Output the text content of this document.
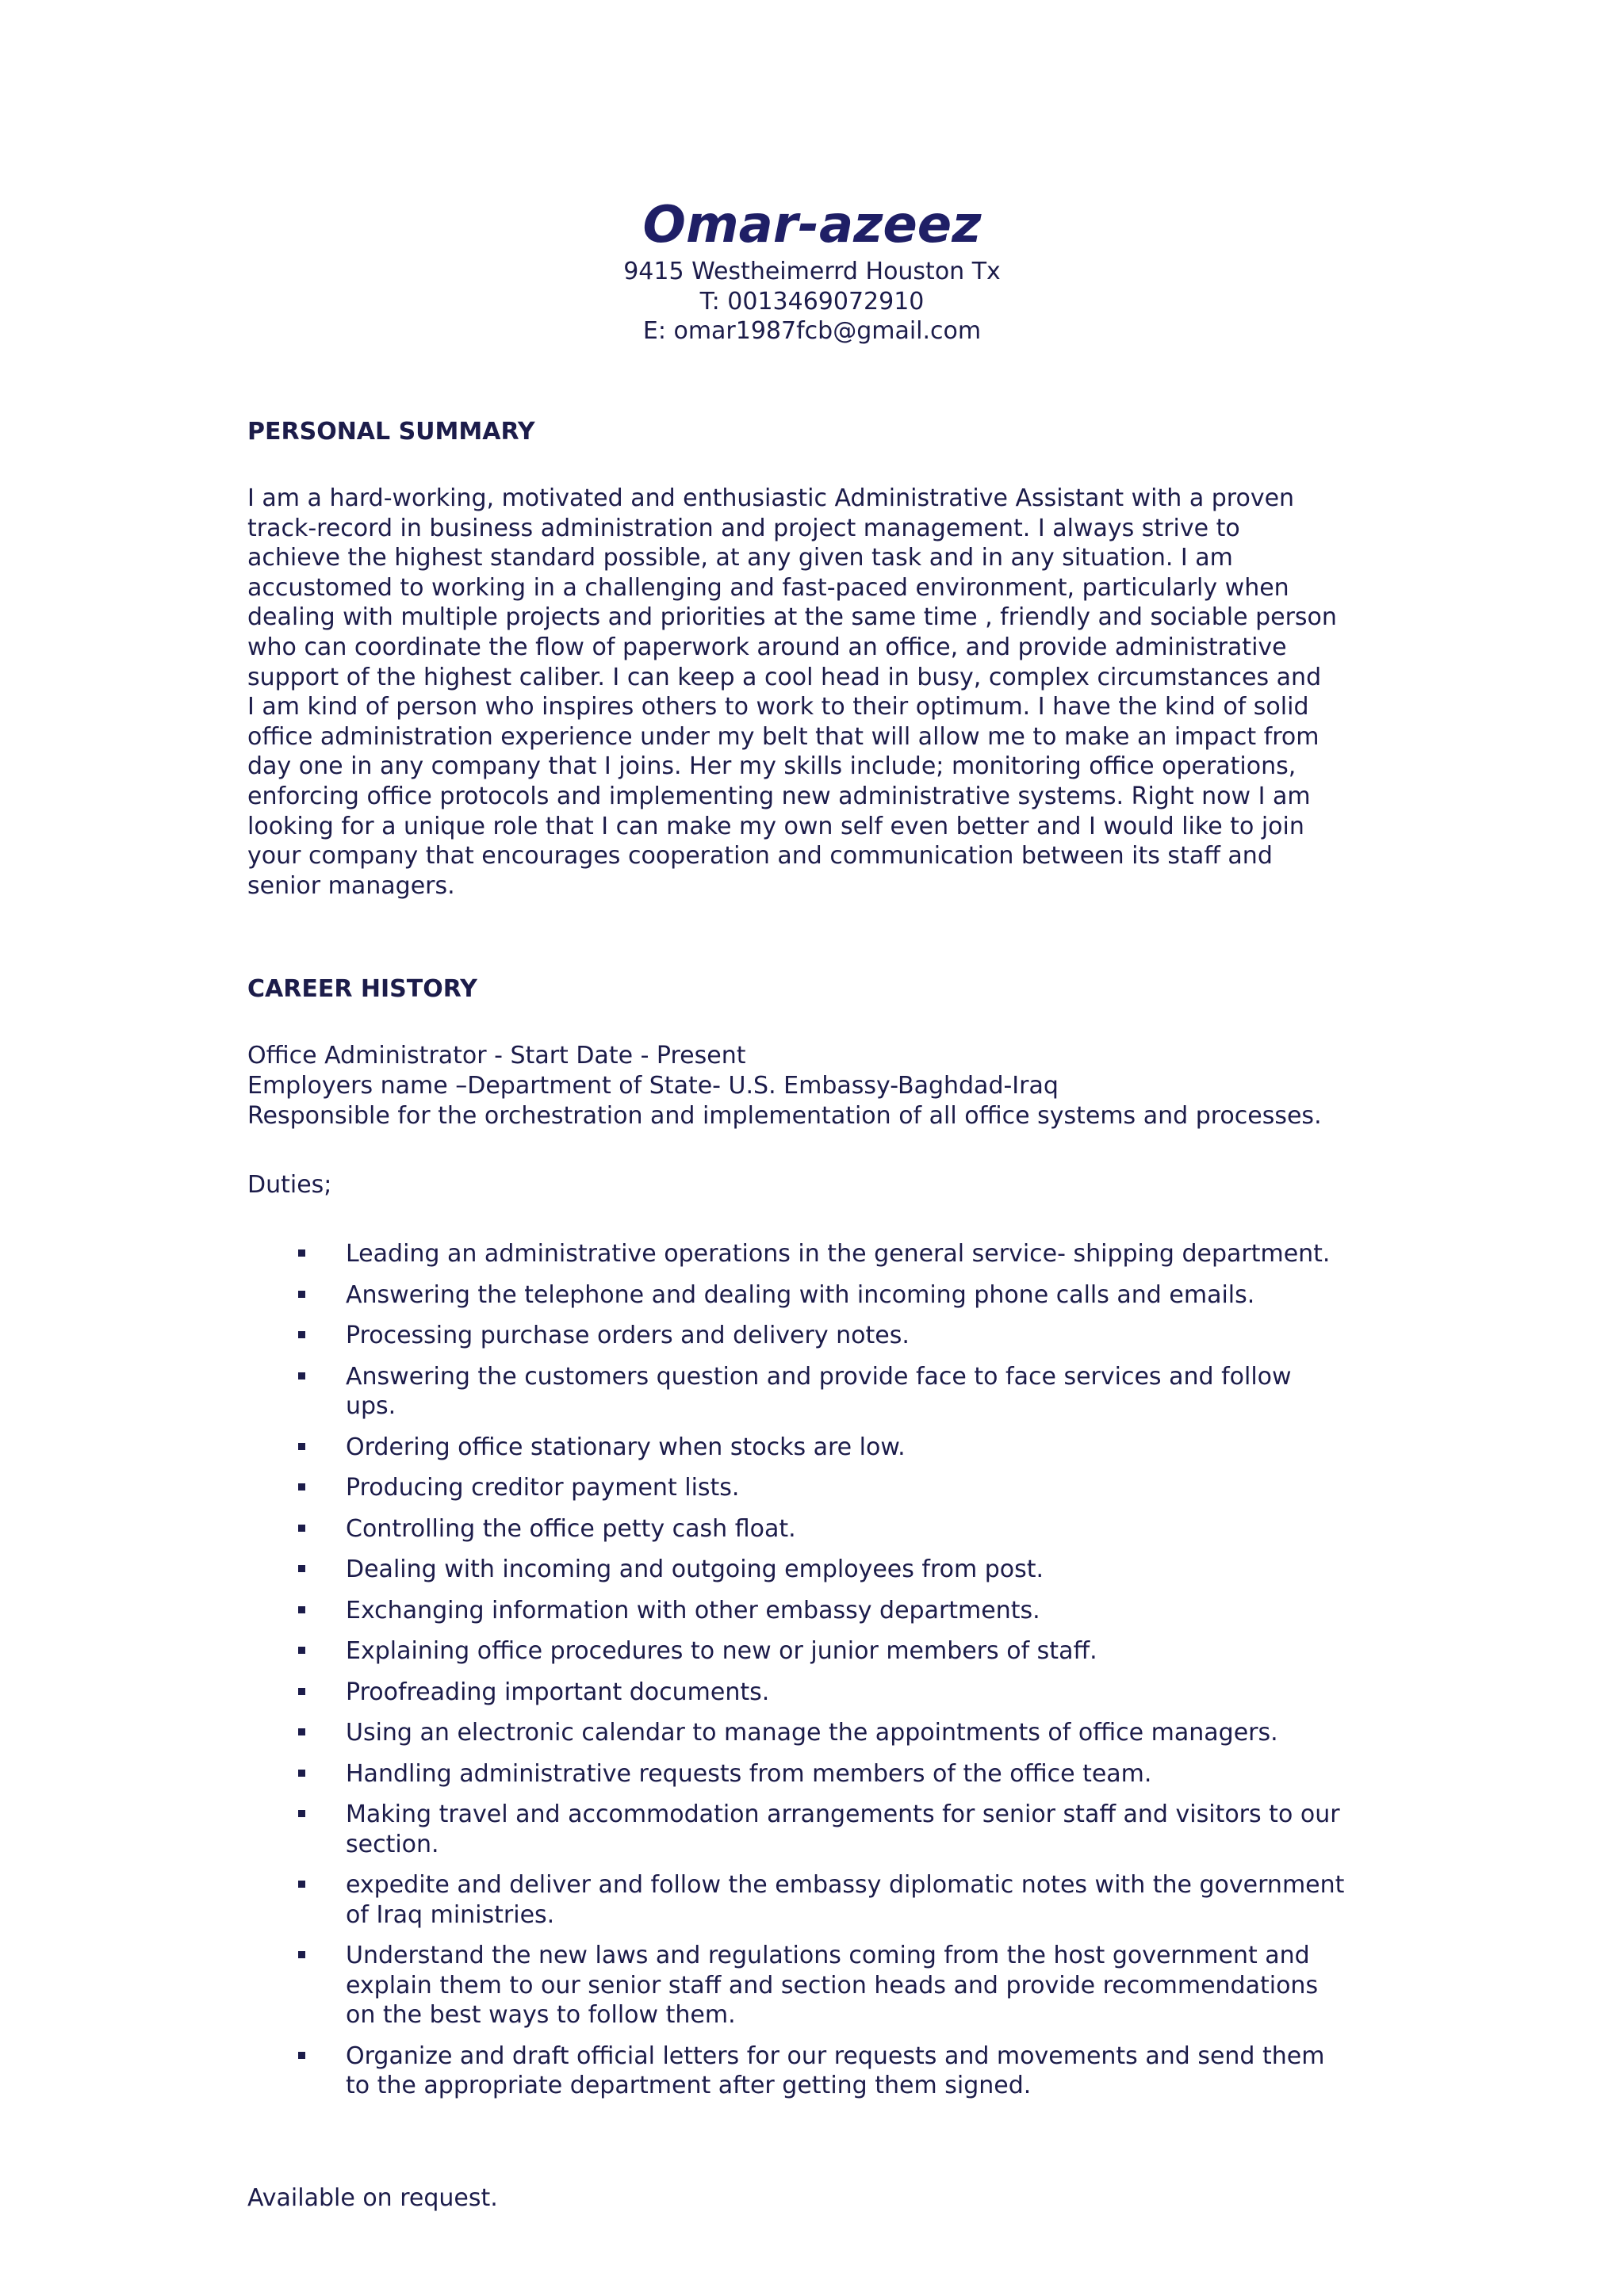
Omar-azeez
9415 Westheimerrd Houston Tx
T: 0013469072910
E: omar1987fcb@gmail.com
PERSONAL SUMMARY
I am a hard-working, motivated and enthusiastic Administrative Assistant with a proven
track-record in business administration and project management. I always strive to
achieve the highest standard possible, at any given task and in any situation. I am
accustomed to working in a challenging and fast-paced environment, particularly when
dealing with multiple projects and priorities at the same time , friendly and sociable person
who can coordinate the flow of paperwork around an office, and provide administrative
support of the highest caliber. I can keep a cool head in busy, complex circumstances and
I am kind of person who inspires others to work to their optimum. I have the kind of solid
office administration experience under my belt that will allow me to make an impact from
day one in any company that I joins. Her my skills include; monitoring office operations,
enforcing office protocols and implementing new administrative systems. Right now I am
looking for a unique role that I can make my own self even better and I would like to join
your company that encourages cooperation and communication between its staff and
senior managers.
CAREER HISTORY
Office Administrator - Start Date - Present
Employers name –Department of State- U.S. Embassy-Baghdad-Iraq
Responsible for the orchestration and implementation of all office systems and processes.
Duties;
Leading an administrative operations in the general service- shipping department.
Answering the telephone and dealing with incoming phone calls and emails.
Processing purchase orders and delivery notes.
Answering the customers question and provide face to face services and follow
ups.
Ordering office stationary when stocks are low.
Producing creditor payment lists.
Controlling the office petty cash float.
Dealing with incoming and outgoing employees from post.
Exchanging information with other embassy departments.
Explaining office procedures to new or junior members of staff.
Proofreading important documents.
Using an electronic calendar to manage the appointments of office managers.
Handling administrative requests from members of the office team.
Making travel and accommodation arrangements for senior staff and visitors to our
section.
expedite and deliver and follow the embassy diplomatic notes with the government
of Iraq ministries.
Understand the new laws and regulations coming from the host government and
explain them to our senior staff and section heads and provide recommendations
on the best ways to follow them.
Organize and draft official letters for our requests and movements and send them
to the appropriate department after getting them signed.
Available on request.
